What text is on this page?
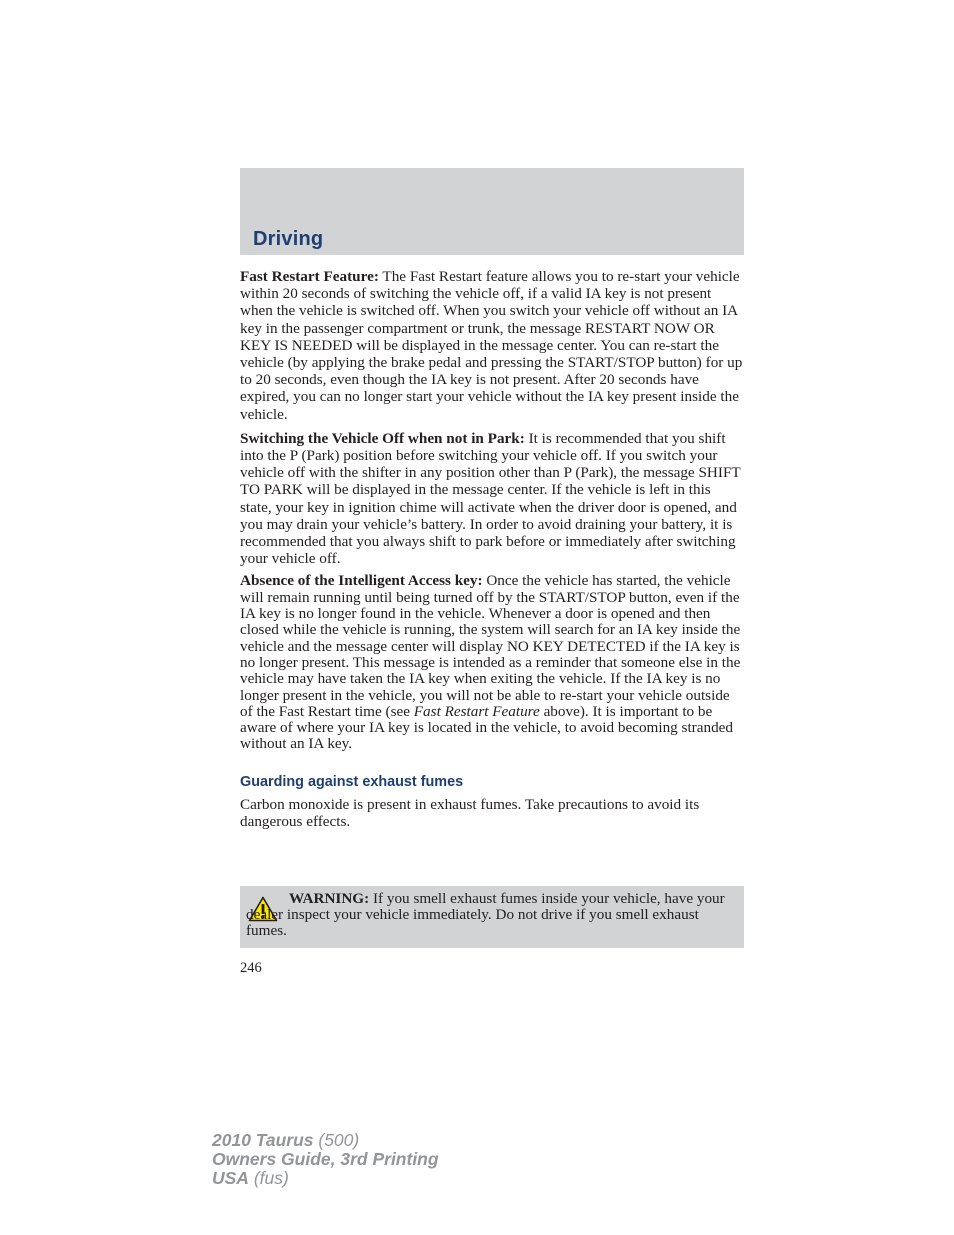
Driving

Fast Restart Feature: The Fast Restart feature allows you to re-start your vehicle within 20 seconds of switching the vehicle off, if a valid IA key is not present when the vehicle is switched off. When you switch your vehicle off without an IA key in the passenger compartment or trunk, the message RESTART NOW OR KEY IS NEEDED will be displayed in the message center. You can re-start the vehicle (by applying the brake pedal and pressing the START/STOP button) for up to 20 seconds, even though the IA key is not present. After 20 seconds have expired, you can no longer start your vehicle without the IA key present inside the vehicle.

Switching the Vehicle Off when not in Park: It is recommended that you shift into the P (Park) position before switching your vehicle off. If you switch your vehicle off with the shifter in any position other than P (Park), the message SHIFT TO PARK will be displayed in the message center. If the vehicle is left in this state, your key in ignition chime will activate when the driver door is opened, and you may drain your vehicle’s battery. In order to avoid draining your battery, it is recommended that you always shift to park before or immediately after switching your vehicle off.

Absence of the Intelligent Access key: Once the vehicle has started, the vehicle will remain running until being turned off by the START/STOP button, even if the IA key is no longer found in the vehicle. Whenever a door is opened and then closed while the vehicle is running, the system will search for an IA key inside the vehicle and the message center will display NO KEY DETECTED if the IA key is no longer present. This message is intended as a reminder that someone else in the vehicle may have taken the IA key when exiting the vehicle. If the IA key is no longer present in the vehicle, you will not be able to re-start your vehicle outside of the Fast Restart time (see Fast Restart Feature above). It is important to be aware of where your IA key is located in the vehicle, to avoid becoming stranded without an IA key.

Guarding against exhaust fumes

Carbon monoxide is present in exhaust fumes. Take precautions to avoid its dangerous effects.

WARNING: If you smell exhaust fumes inside your vehicle, have your dealer inspect your vehicle immediately. Do not drive if you smell exhaust fumes.
246
2010 Taurus (500)
Owners Guide, 3rd Printing
USA (fus)
